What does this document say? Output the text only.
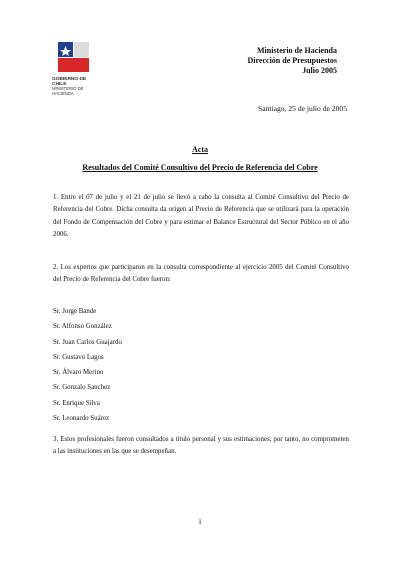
GOBIERNO DE CHILE
MINISTERIO DE HACIENDA
Ministerio de Hacienda
Dirección de Presupuestos
Julio 2005
Santiago, 25 de julio de 2005
Acta
Resultados del Comité Consultivo del Precio de Referencia del Cobre
1. Entre el 07 de julio y el 21 de julio se llevó a cabo la consulta al Comité Consultivo del Precio de Referencia del Cobre. Dicha consulta da origen al Precio de Referencia que se utilizará para la operación del Fondo de Compensación del Cobre y para estimar el Balance Estructural del Sector Público en el año 2006.
2. Los expertos que participaron en la consulta correspondiente al ejercicio 2005 del Comité Consultivo del Precio de Referencia del Cobre fueron:
Sr. Jorge Bande
Sr. Alfonso González
Sr. Juan Carlos Guajardo
Sr. Gustavo Lagos
Sr. Álvaro Merino
Sr. Gonzalo Sanchez
Sr. Enrique Silva
Sr. Leonardo Suárez
3. Estos profesionales fueron consultados a título personal y sus estimaciones, por tanto, no comprometen a las instituciones en las que se desempeñan.
1
